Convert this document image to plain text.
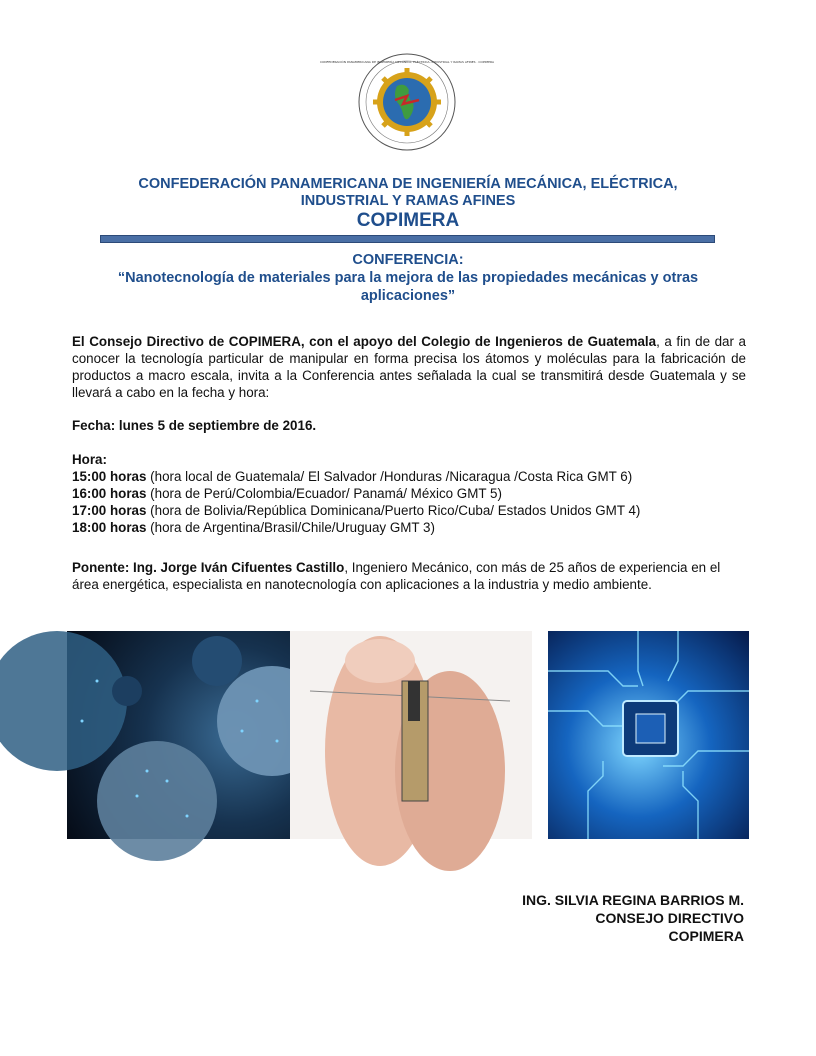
CONFEDERACIÓN PANAMERICANA DE INGENIERÍA MECÁNICA, ELÉCTRICA, INDUSTRIAL Y RAMAS AFINES · COPIMERA
CONFEDERACIÓN PANAMERICANA DE INGENIERÍA MECÁNICA, ELÉCTRICA,
INDUSTRIAL Y RAMAS AFINES
COPIMERA
CONFERENCIA:
“Nanotecnología de materiales para la mejora de las propiedades mecánicas y otras
aplicaciones”
El Consejo Directivo de COPIMERA, con el apoyo del Colegio de Ingenieros de Guatemala, a fin de dar a conocer la tecnología particular de manipular en forma precisa los átomos y moléculas para la fabricación de productos a macro escala, invita a la Conferencia antes señalada la cual se transmitirá desde Guatemala y se llevará a cabo en la fecha y hora:
Fecha: lunes 5 de septiembre de 2016.
Hora:
15:00 horas (hora local de Guatemala/ El Salvador /Honduras /Nicaragua /Costa Rica GMT 6)
16:00 horas (hora de Perú/Colombia/Ecuador/ Panamá/ México GMT 5)
17:00 horas (hora de Bolivia/República Dominicana/Puerto Rico/Cuba/ Estados Unidos GMT 4)
18:00 horas (hora de Argentina/Brasil/Chile/Uruguay GMT 3)
Ponente: Ing. Jorge Iván Cifuentes Castillo, Ingeniero Mecánico, con más de 25 años de experiencia en el área energética, especialista en nanotecnología con aplicaciones a la industria y medio ambiente.
ING. SILVIA REGINA BARRIOS M.
CONSEJO DIRECTIVO
COPIMERA
